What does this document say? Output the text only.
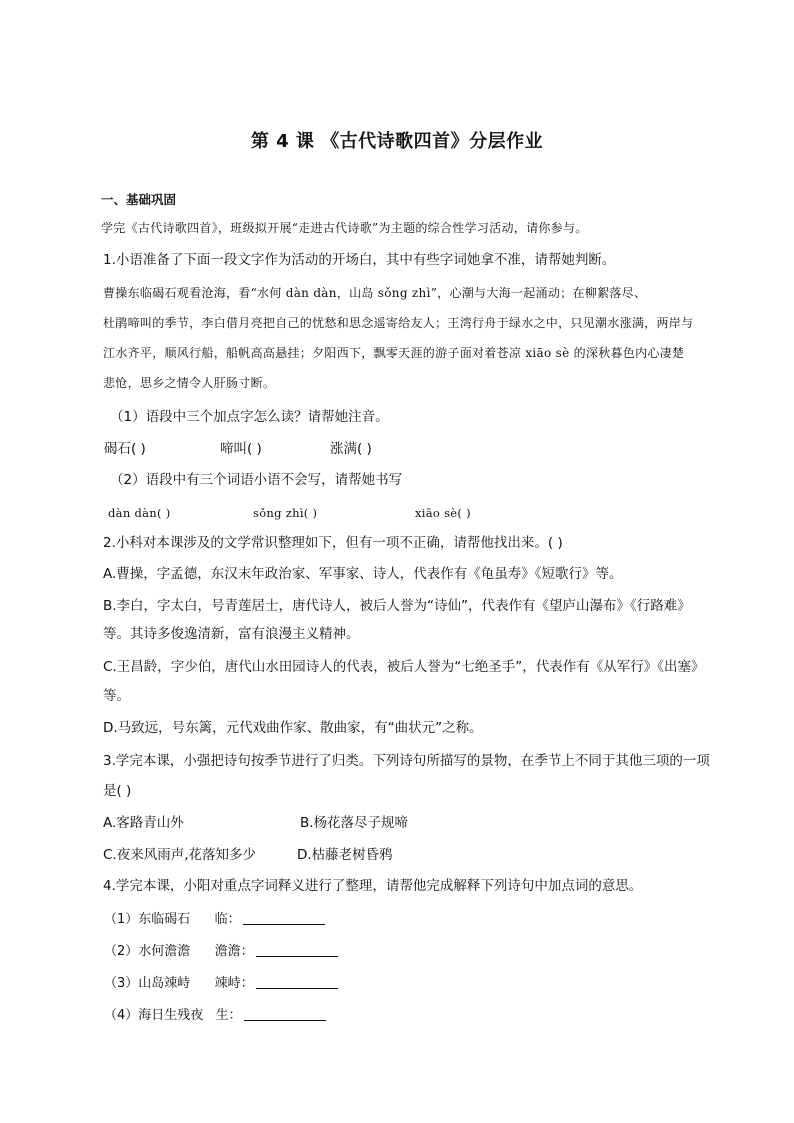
第 4 课 《古代诗歌四首》分层作业
一、基础巩固
学完《古代诗歌四首》，班级拟开展“走进古代诗歌”为主题的综合性学习活动，请你参与。
1.小语准备了下面一段文字作为活动的开场白，其中有些字词她拿不准，请帮她判断。
曹操东临碣石观看沧海，看“水何 dàn dàn，山岛 sǒng zhì”，心潮与大海一起涌动；在柳絮落尽、
杜鹃啼叫的季节，李白借月亮把自己的忧愁和思念遥寄给友人；王湾行舟于绿水之中，只见潮水涨满，两岸与
江水齐平，顺风行船，船帆高高悬挂；夕阳西下，飘零天涯的游子面对着苍凉 xiāo sè 的深秋暮色内心凄楚
悲怆，思乡之情令人肝肠寸断。
（1）语段中三个加点字怎么读？请帮她注音。
碣石( )	啼叫( )	涨满( )
（2）语段中有三个词语小语不会写，请帮她书写
dàn dàn( )	sǒng zhì( )	xiāo sè( )
2.小科对本课涉及的文学常识整理如下，但有一项不正确，请帮他找出来。( )
A.曹操，字孟德，东汉末年政治家、军事家、诗人，代表作有《龟虽寿》《短歌行》等。
B.李白，字太白，号青莲居士，唐代诗人，被后人誉为“诗仙”，代表作有《望庐山瀑布》《行路难》
等。其诗多俊逸清新，富有浪漫主义精神。
C.王昌龄，字少伯，唐代山水田园诗人的代表，被后人誉为“七绝圣手”，代表作有《从军行》《出塞》
等。
D.马致远，号东篱，元代戏曲作家、散曲家，有“曲状元”之称。
3.学完本课，小强把诗句按季节进行了归类。下列诗句所描写的景物，在季节上不同于其他三项的一项
是( )
A.客路青山外	B.杨花落尽子规啼
C.夜来风雨声,花落知多少	D.枯藤老树昏鸦
4.学完本课，小阳对重点字词释义进行了整理，请帮他完成解释下列诗句中加点词的意思。
（1）东临碣石 临：
（2）水何澹澹 澹澹：
（3）山岛竦峙 竦峙：
（4）海日生残夜 生：
